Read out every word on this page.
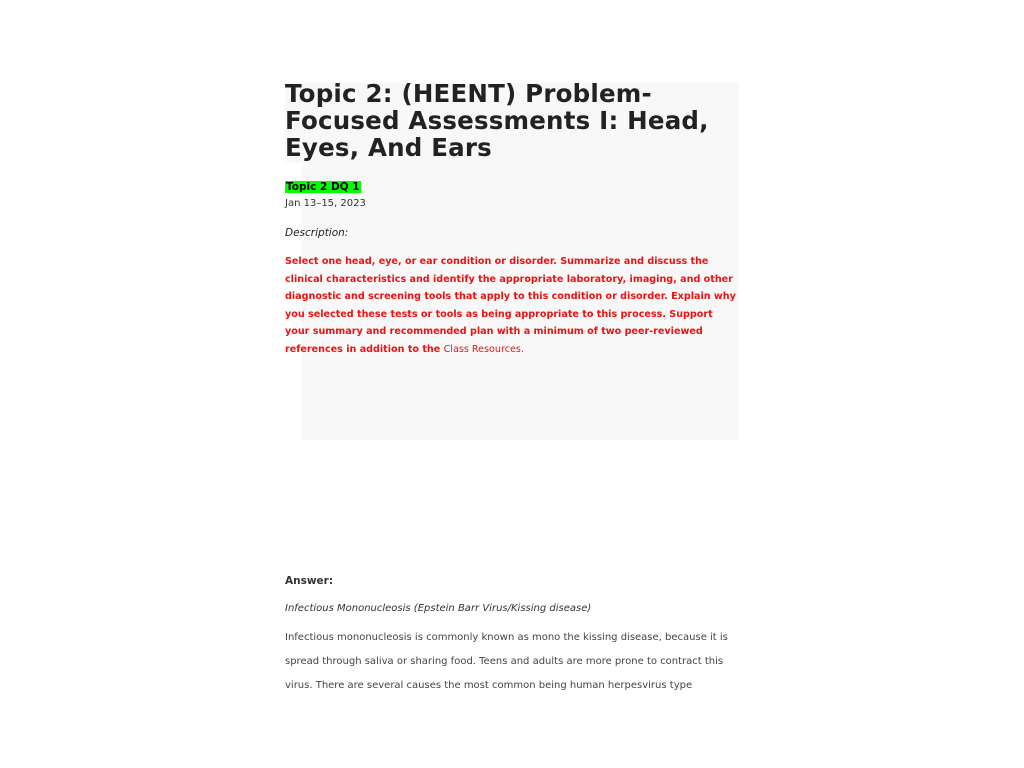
Topic 2: (HEENT) Problem-Focused Assessments I: Head, Eyes, And Ears
Topic 2 DQ 1
Jan 13–15, 2023
Description:
Select one head, eye, or ear condition or disorder. Summarize and discuss the clinical characteristics and identify the appropriate laboratory, imaging, and other diagnostic and screening tools that apply to this condition or disorder. Explain why you selected these tests or tools as being appropriate to this process. Support your summary and recommended plan with a minimum of two peer-reviewed references in addition to the Class Resources.
Answer:
Infectious Mononucleosis (Epstein Barr Virus/Kissing disease)
Infectious mononucleosis is commonly known as mono the kissing disease, because it is spread through saliva or sharing food. Teens and adults are more prone to contract this virus. There are several causes the most common being human herpesvirus type
